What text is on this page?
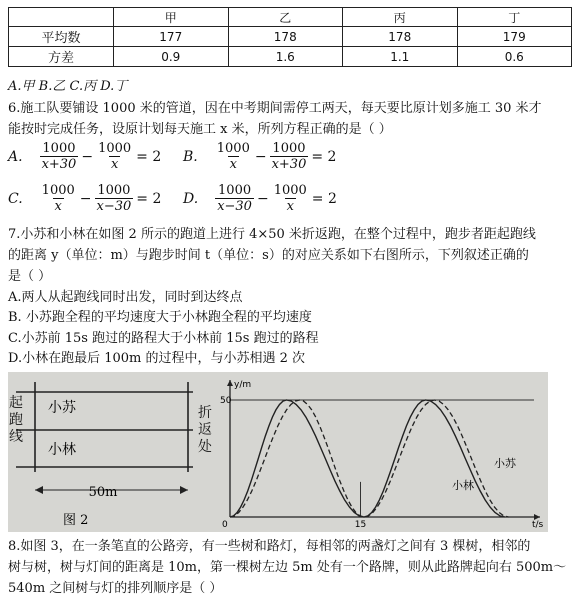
	甲	乙	丙	丁
平均数	177	178	178	179
方差	0.9	1.6	1.1	0.6
A.甲 B.乙 C.丙 D.丁
6.施工队要铺设 1000 米的管道，因在中考期间需停工两天，每天要比原计划多施工 30 米才
能按时完成任务，设原计划每天施工 x 米，所列方程正确的是（ ）
A. $\frac{1000}{x+30} - \frac{1000}{x} = 2$ B. $\frac{1000}{x} - \frac{1000}{x+30} = 2$
C. $\frac{1000}{x} - \frac{1000}{x-30} = 2$ D. $\frac{1000}{x-30} - \frac{1000}{x} = 2$
7.小苏和小林在如图 2 所示的跑道上进行 4×50 米折返跑，在整个过程中，跑步者距起跑线
的距离 y（单位：m）与跑步时间 t（单位：s）的对应关系如下右图所示，下列叙述正确的
是（ ）
A.两人从起跑线同时出发，同时到达终点
B. 小苏跑全程的平均速度大于小林跑全程的平均速度
C.小苏前 15s 跑过的路程大于小林前 15s 跑过的路程
D.小林在跑最后 100m 的过程中，与小苏相遇 2 次
小苏
小林
50m
图 2
起跑线
折返处
y/m
50
0	15	t/s
小苏
小林
8.如图 3，在一条笔直的公路旁，有一些树和路灯，每相邻的两盏灯之间有 3 棵树，相邻的
树与树，树与灯间的距离是 10m，第一棵树左边 5m 处有一个路牌，则从此路牌起向右 500m～
540m 之间树与灯的排列顺序是（ ）
